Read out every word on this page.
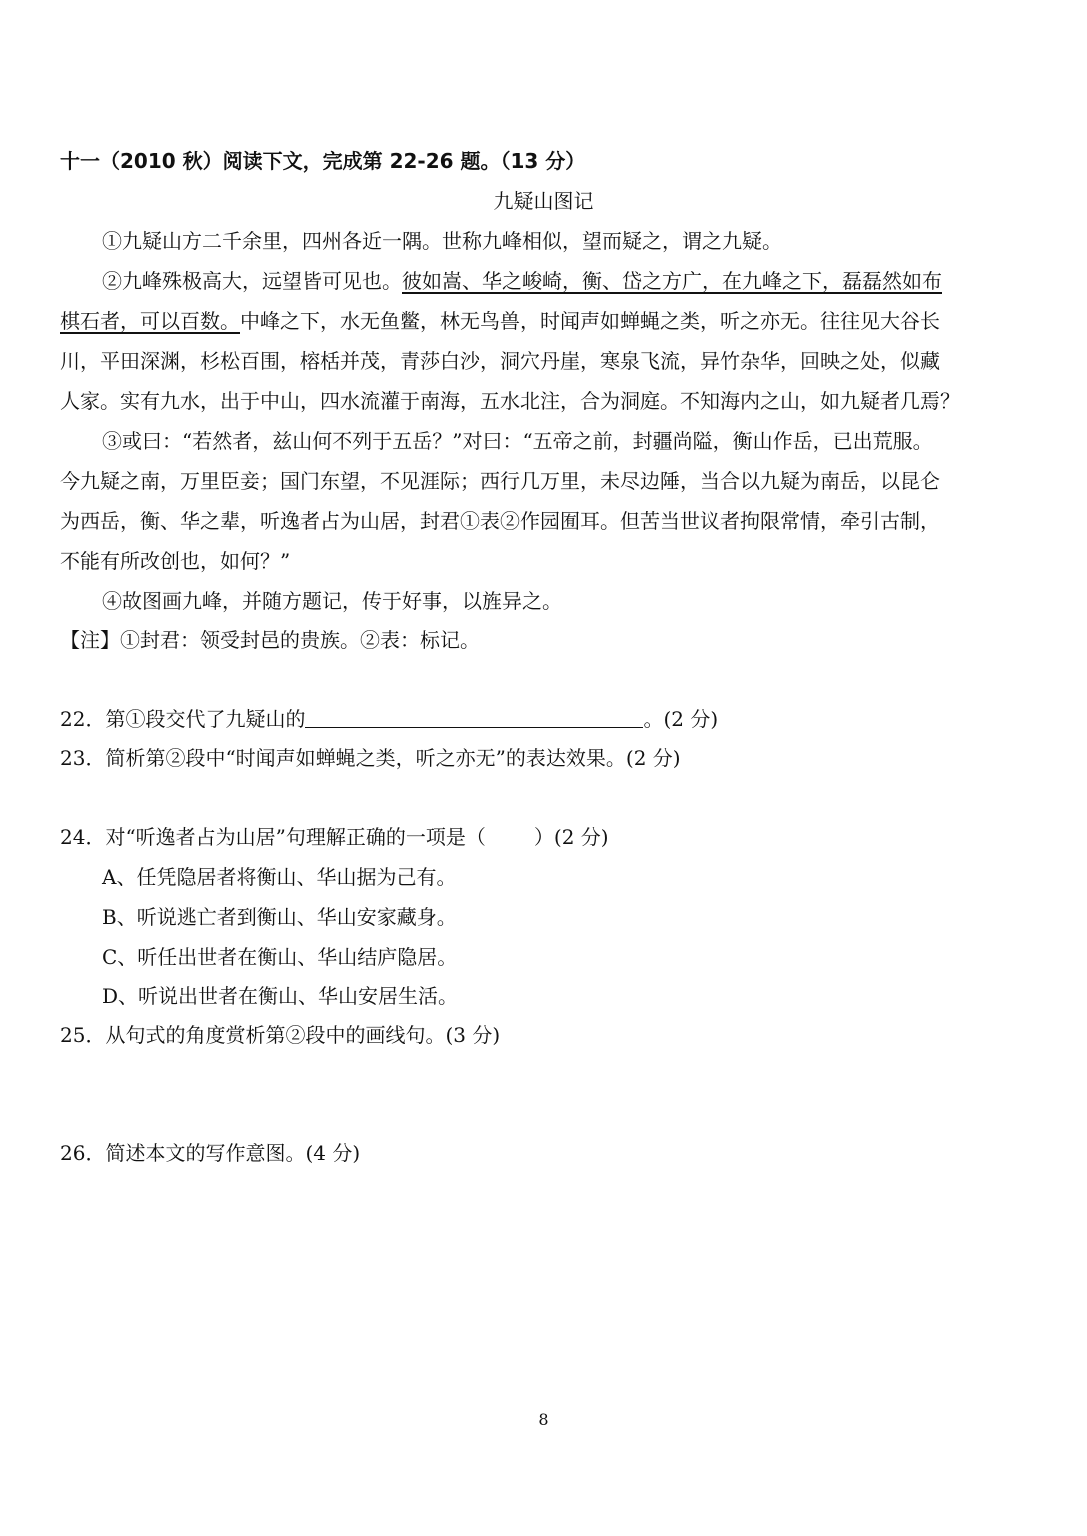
十一（2010 秋）阅读下文，完成第 22-26 题。（13 分）
九疑山图记
①九疑山方二千余里，四州各近一隅。世称九峰相似，望而疑之，谓之九疑。
②九峰殊极高大，远望皆可见也。彼如嵩、华之峻崎，衡、岱之方广，在九峰之下，磊磊然如布
棋石者，可以百数。中峰之下，水无鱼鳖，林无鸟兽，时闻声如蝉蝇之类，听之亦无。往往见大谷长
川，平田深渊，杉松百围，榕栝并茂，青莎白沙，洞穴丹崖，寒泉飞流，异竹杂华，回映之处，似藏
人家。实有九水，出于中山，四水流灌于南海，五水北注，合为洞庭。不知海内之山，如九疑者几焉？
③或曰：“若然者，兹山何不列于五岳？”对曰：“五帝之前，封疆尚隘，衡山作岳，已出荒服。
今九疑之南，万里臣妾；国门东望，不见涯际；西行几万里，未尽边陲，当合以九疑为南岳，以昆仑
为西岳，衡、华之辈，听逸者占为山居，封君①表②作园囿耳。但苦当世议者拘限常情，牵引古制，
不能有所改创也，如何？”
④故图画九峰，并随方题记，传于好事，以旌异之。
【注】①封君：领受封邑的贵族。②表：标记。
22．第①段交代了九疑山的	。(2 分)
23．简析第②段中“时闻声如蝉蝇之类，听之亦无”的表达效果。(2 分)
24．对“听逸者占为山居”句理解正确的一项是（ ）(2 分)
A、任凭隐居者将衡山、华山据为己有。
B、听说逃亡者到衡山、华山安家藏身。
C、听任出世者在衡山、华山结庐隐居。
D、听说出世者在衡山、华山安居生活。
25．从句式的角度赏析第②段中的画线句。(3 分)
26．简述本文的写作意图。(4 分)
8
